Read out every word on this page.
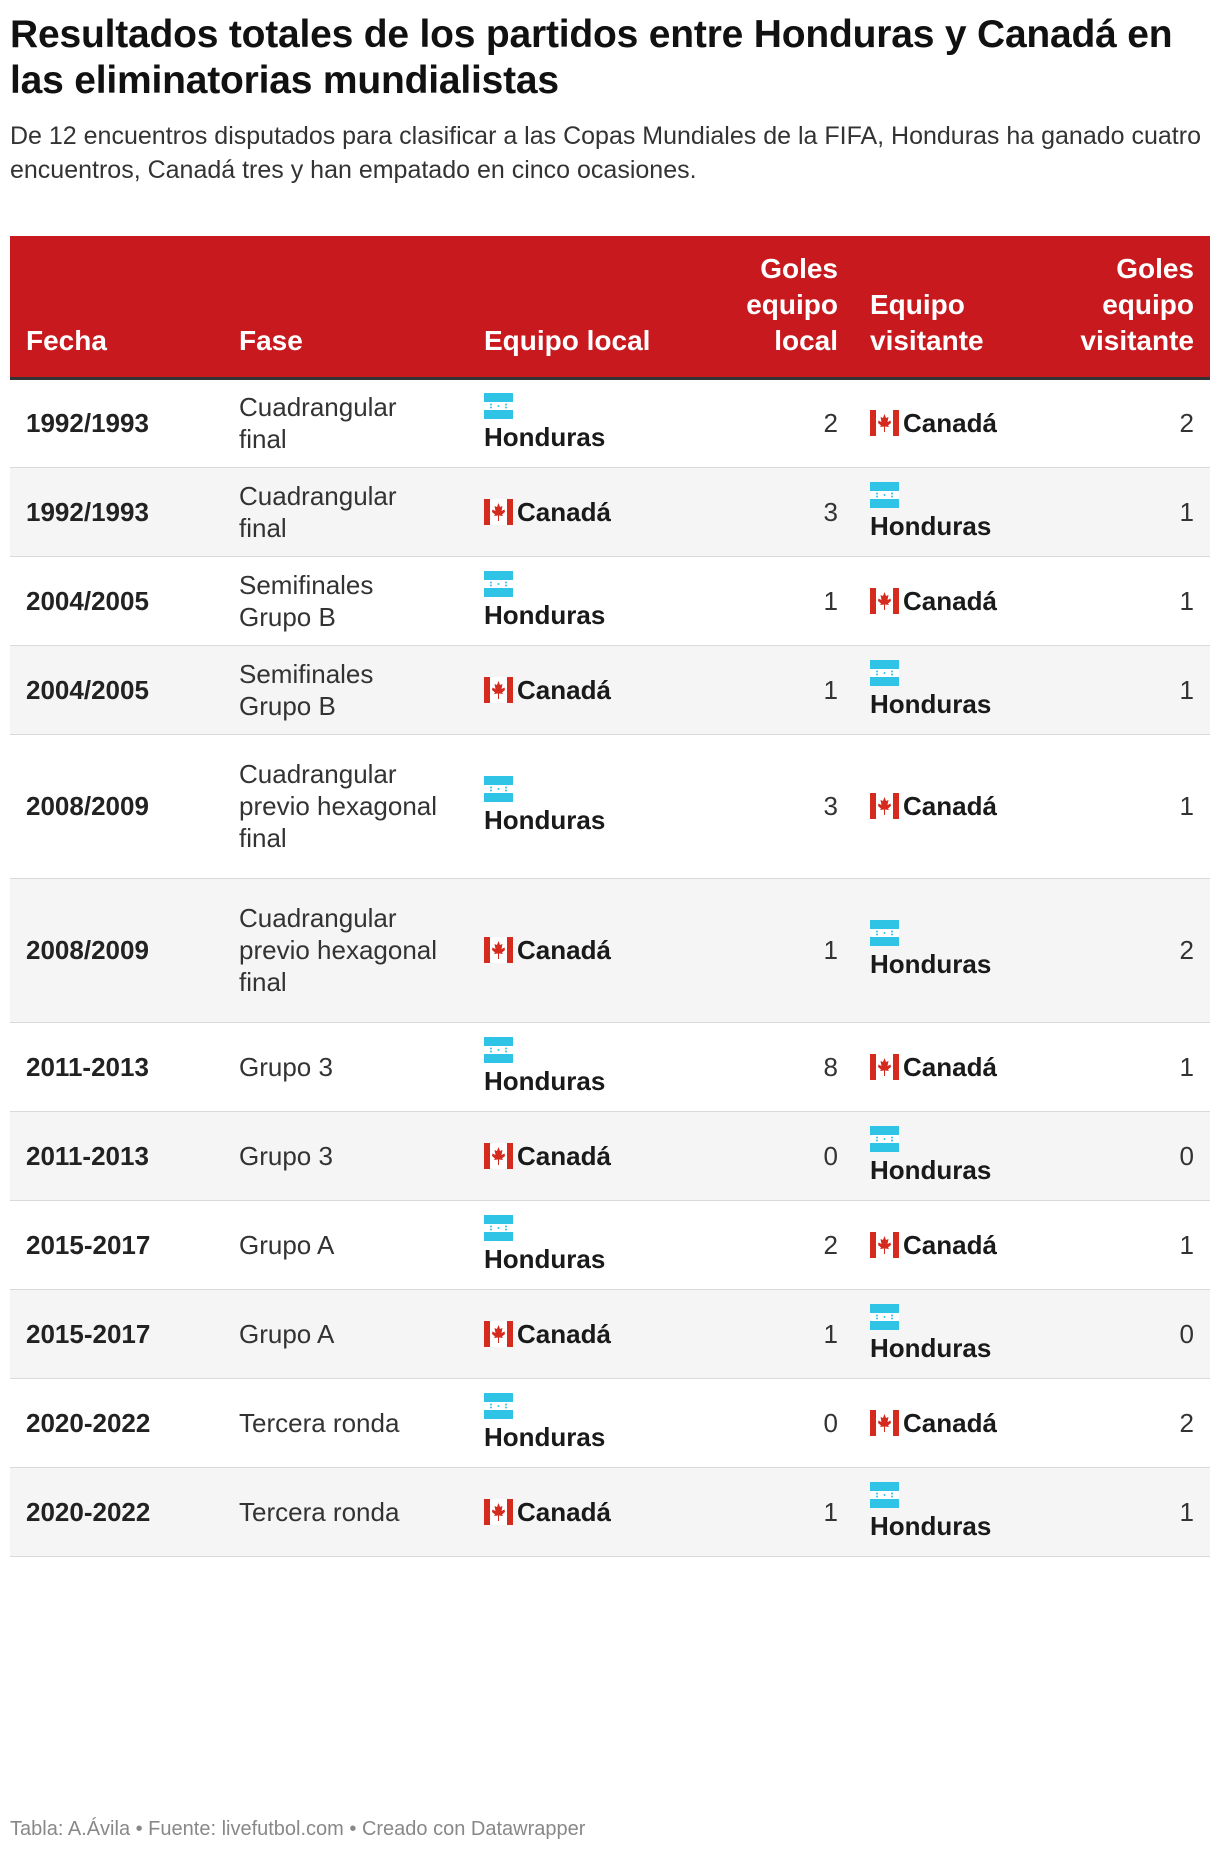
Resultados totales de los partidos entre Honduras y Canadá en las eliminatorias mundialistas

De 12 encuentros disputados para clasificar a las Copas Mundiales de la FIFA, Honduras ha ganado cuatro encuentros, Canadá tres y han empatado en cinco ocasiones.

Fecha	Fase	Equipo local	Goles equipo local	Equipo visitante	Goles equipo visitante
1992/1993	Cuadrangular final	Honduras	2	Canadá	2
1992/1993	Cuadrangular final	Canadá	3	Honduras	1
2004/2005	Semifinales Grupo B	Honduras	1	Canadá	1
2004/2005	Semifinales Grupo B	Canadá	1	Honduras	1
2008/2009	Cuadrangular previo hexagonal final	Honduras	3	Canadá	1
2008/2009	Cuadrangular previo hexagonal final	Canadá	1	Honduras	2
2011-2013	Grupo 3	Honduras	8	Canadá	1
2011-2013	Grupo 3	Canadá	0	Honduras	0
2015-2017	Grupo A	Honduras	2	Canadá	1
2015-2017	Grupo A	Canadá	1	Honduras	0
2020-2022	Tercera ronda	Honduras	0	Canadá	2
2020-2022	Tercera ronda	Canadá	1	Honduras	1
Tabla: A.Ávila • Fuente: livefutbol.com • Creado con Datawrapper
